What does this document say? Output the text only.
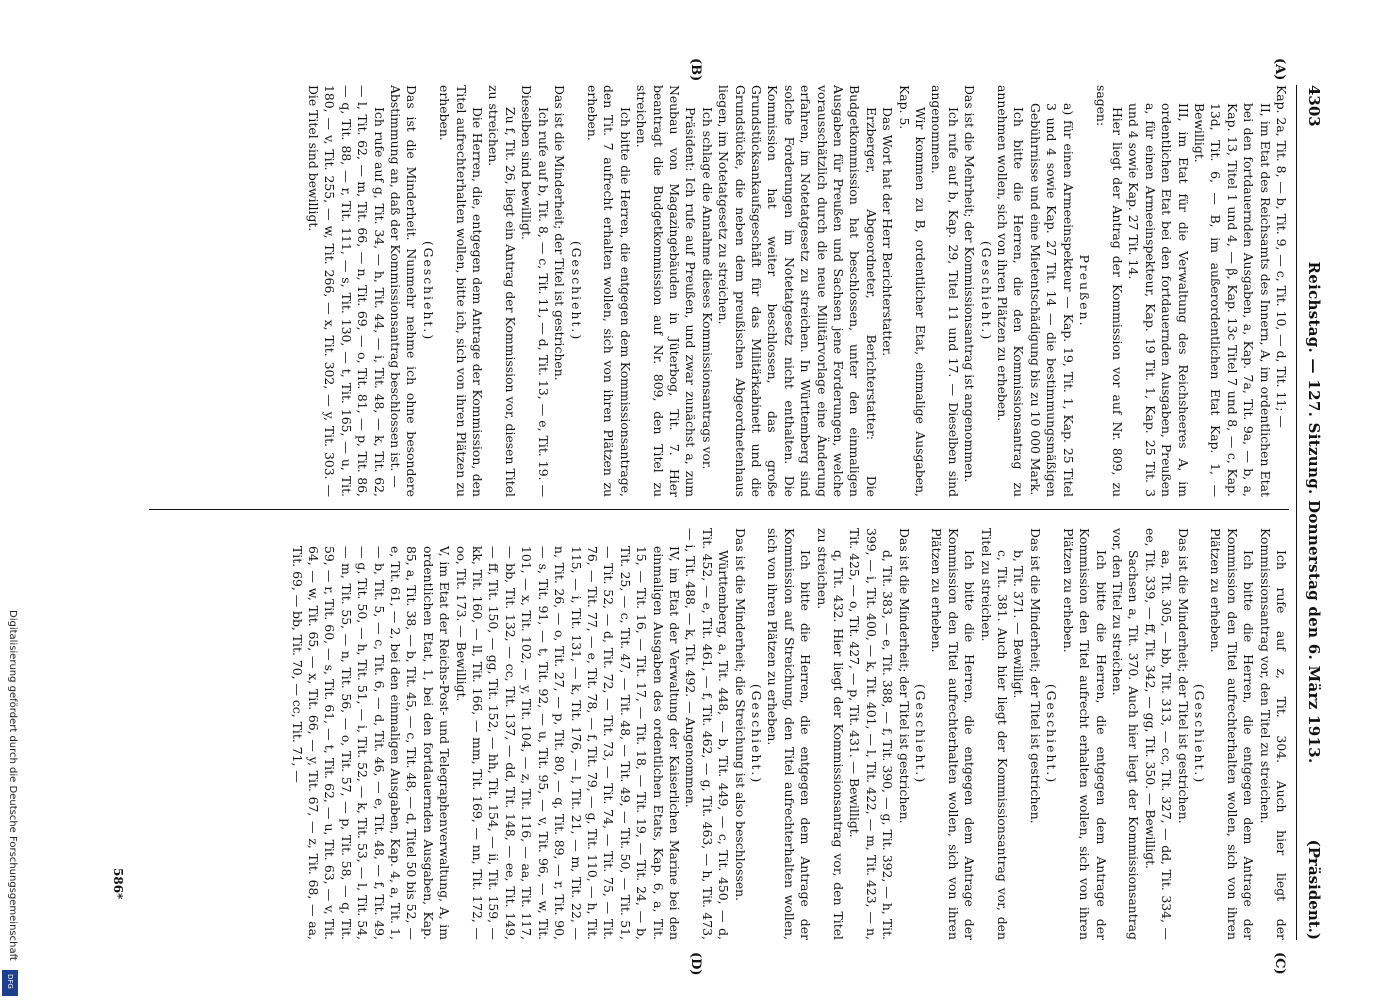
(Präsident.)
Reichstag. — 127. Sitzung. Donnerstag den 6. März 1913.
4303
(A)
(B)
(C)
(D)

Kap. 2a, Tit. 8, — b, Tit. 9, — c, Tit. 10, — d, Tit. 11; —

II, im Etat des Reichsamts des Innern, A, im ordentlichen Etat bei den fortdauernden Ausgaben, a, Kap. 7a, Tit. 9a, — b, a, Kap. 13, Titel 1 und 4, — β, Kap. 13c Titel 7 und 8, — c, Kap. 13d, Tit. 6, — B, im außerordentlichen Etat Kap. 1, — Bewilligt.

III, im Etat für die Verwaltung des Reichsheeres A, im ordentlichen Etat bei den fortdauernden Ausgaben, Preußen a, für einen Armeeinspekteur, Kap. 19 Tit. 1, Kap. 25 Tit. 3 und 4 sowie Kap. 27 Tit. 14.

Hier liegt der Antrag der Kommission vor auf Nr. 809, zu sagen:

Preußen.

a) für einen Armeeinspekteur — Kap. 19, Tit. 1, Kap. 25 Titel 3 und 4 sowie Kap. 27 Tit. 14 — die bestimmungsmäßigen Gebührnisse und eine Mietentschädigung bis zu 10 000 Mark.

Ich bitte die Herren, die den Kommissionsantrag zu annehmen wollen, sich von ihren Plätzen zu erheben.

(Geschieht.)

Das ist die Mehrheit; der Kommissionsantrag ist angenommen.

Ich rufe auf b, Kap. 29, Titel 11 und 17. — Dieselben sind angenommen.

Wir kommen zu B, ordentlicher Etat, einmalige Ausgaben, Kap. 5.

Das Wort hat der Herr Berichterstatter.

Erzberger, Abgeordneter, Berichterstatter: Die Budgetkommission hat beschlossen, unter den einmaligen Ausgaben für Preußen und Sachsen jene Forderungen, welche vorausschätzlich durch die neue Militärvorlage eine Änderung erfahren, im Notetatgesetz zu streichen. In Württemberg sind solche Forderungen im Notetatgesetz nicht enthalten. Die Kommission hat weiter beschlossen, das große Grundstücksankaufsgeschäft für das Militärkabinett und die Grundstücke, die neben dem preußischen Abgeordnetenhaus liegen, im Notetatgesetz zu streichen.

Ich schlage die Annahme dieses Kommissionsantrags vor.

Präsident: Ich rufe auf Preußen, und zwar zunächst a, zum Neubau von Magazingebäuden in Jüterbog, Tit. 7. Hier beantragt die Budgetkommission auf Nr. 809, den Titel zu streichen.

Ich bitte die Herren, die entgegen dem Kommissionsantrage, den Tit. 7 aufrecht erhalten wollen, sich von ihren Plätzen zu erheben.

(Geschieht.)

Das ist die Minderheit; der Titel ist gestrichen.

Ich rufe auf b, Tit. 8, — c, Tit. 11, — d, Tit. 13, — e, Tit. 19. — Dieselben sind bewilligt.

Zu f, Tit. 26, liegt ein Antrag der Kommission vor, diesen Titel zu streichen.

Die Herren, die, entgegen dem Antrage der Kommission, den Titel aufrechterhalten wollen, bitte ich, sich von ihren Plätzen zu erheben.

(Geschieht.)

Das ist die Minderheit. Nunmehr nehme ich ohne besondere Abstimmung an, daß der Kommissionsantrag beschlossen ist. —

Ich rufe auf g, Tit. 34, — h, Tit. 44, — i, Tit. 48, — k, Tit. 62, — l, Tit. 62, — m, Tit. 66, — n, Tit. 69, — o, Tit. 81, — p, Tit. 86, — q, Tit. 88, — r, Tit. 111, — s, Tit. 130, — t, Tit. 165, — u, Tit. 180, — v, Tit. 255, — w, Tit. 266, — x, Tit. 302, — y, Tit. 303. — Die Titel sind bewilligt.

Ich rufe auf z, Tit. 304. Auch hier liegt der Kommissionsantrag vor, den Titel zu streichen.

Ich bitte die Herren, die entgegen dem Antrage der Kommission den Titel aufrechterhalten wollen, sich von ihren Plätzen zu erheben.

(Geschieht.)

Das ist die Minderheit; der Titel ist gestrichen.

aa, Tit. 305, — bb, Tit. 313, — cc, Tit. 327, — dd, Tit. 334, — ee, Tit. 339, — ff, Tit. 342, — gg, Tit. 350. — Bewilligt.

Sachsen a, Tit. 370. Auch hier liegt der Kommissionsantrag vor, den Titel zu streichen.

Ich bitte die Herren, die entgegen dem Antrage der Kommission den Titel aufrecht erhalten wollen, sich von ihren Plätzen zu erheben.

(Geschieht.)

Das ist die Minderheit; der Titel ist gestrichen.

b, Tit. 371. — Bewilligt.

c, Tit. 381. Auch hier liegt der Kommissionsantrag vor, den Titel zu streichen.

Ich bitte die Herren, die entgegen dem Antrage der Kommission den Titel aufrechterhalten wollen, sich von ihren Plätzen zu erheben.

(Geschieht.)

Das ist die Minderheit; der Titel ist gestrichen.

d, Tit. 383, — e, Tit. 388, — f, Tit. 390, — g, Tit. 392, — h, Tit. 399, — i, Tit. 400, — k, Tit. 401, — l, Tit. 422, — m, Tit. 423, — n, Tit. 425, — o, Tit. 427, — p, Tit. 431. — Bewilligt.

q, Tit. 432. Hier liegt der Kommissionsantrag vor, den Titel zu streichen.

Ich bitte die Herren, die entgegen dem Antrage der Kommission auf Streichung, den Titel aufrechterhalten wollen, sich von ihren Plätzen zu erheben.

(Geschieht.)

Das ist die Minderheit; die Streichung ist also beschlossen.

Württemberg, a, Tit. 448, — b, Tit. 449, — c, Tit. 450, — d, Tit. 452, — e, Tit. 461, — f, Tit. 462, — g, Tit. 463, — h, Tit. 473, — i, Tit. 488, — k, Tit. 492. — Angenommen.

IV, im Etat der Verwaltung der Kaiserlichen Marine bei den einmaligen Ausgaben des ordentlichen Etats, Kap. 6, a, Tit. 15, — Tit. 16, — Tit. 17, — Tit. 18, — Tit. 19, — Tit. 24, — b, Tit. 25, — c, Tit. 47, — Tit. 48, — Tit. 49, — Tit. 50, — Tit. 51, — Tit. 52, — d, Tit. 72, — Tit. 73, — Tit. 74, — Tit. 75, — Tit. 76, — Tit. 77, — e, Tit. 78, — f, Tit. 79, — g, Tit. 110, — h, Tit. 115, — i, Tit. 131, — k, Tit. 176, — l, Tit. 21, — m, Tit. 22, — n, Tit. 26, — o, Tit. 27, — p, Tit. 80, — q, Tit. 89, — r, Tit. 90, — s, Tit. 91, — t, Tit. 92, — u, Tit. 95, — v, Tit. 96, — w, Tit. 101, — x, Tit. 102, — y, Tit. 104, — z, Tit. 116, — aa, Tit. 117, — bb, Tit. 132, — cc, Tit. 137, — dd, Tit. 148, — ee, Tit. 149, — ff, Tit. 150, — gg, Tit. 152, — hh, Tit. 154, — ii, Tit. 159, — kk, Tit. 160, — ll, Tit. 166, — mm, Tit. 169, — nn, Tit. 172, — oo, Tit. 173. — Bewilligt.

V, im Etat der Reichs-Post- und Telegraphenverwaltung, A, im ordentlichen Etat, 1, bei den fortdauernden Ausgaben, Kap. 85, a, Tit. 38, — b, Tit. 45, — c, Tit. 48, — d, Titel 50 bis 52, — e, Tit. 61, — 2, bei den einmaligen Ausgaben, Kap. 4, a, Tit. 1, — b, Tit. 5, — c, Tit. 6, — d, Tit. 46, — e, Tit. 48, — f, Tit. 49, — g, Tit. 50, — h, Tit. 51, — i, Tit. 52, — k, Tit. 53, — l, Tit. 54, — m, Tit. 55, — n, Tit. 56, — o, Tit. 57, — p, Tit. 58, — q, Tit. 59, — r, Tit. 60, — s, Tit. 61, — t, Tit. 62, — u, Tit. 63, — v, Tit. 64, — w, Tit. 65, — x, Tit. 66, — y, Tit. 67, — z, Tit. 68, — aa, Tit. 69, — bb, Tit. 70, — cc, Tit. 71, —

586*
Digitalisierung gefördert durch die Deutsche Forschungsgemeinschaft
DFG
